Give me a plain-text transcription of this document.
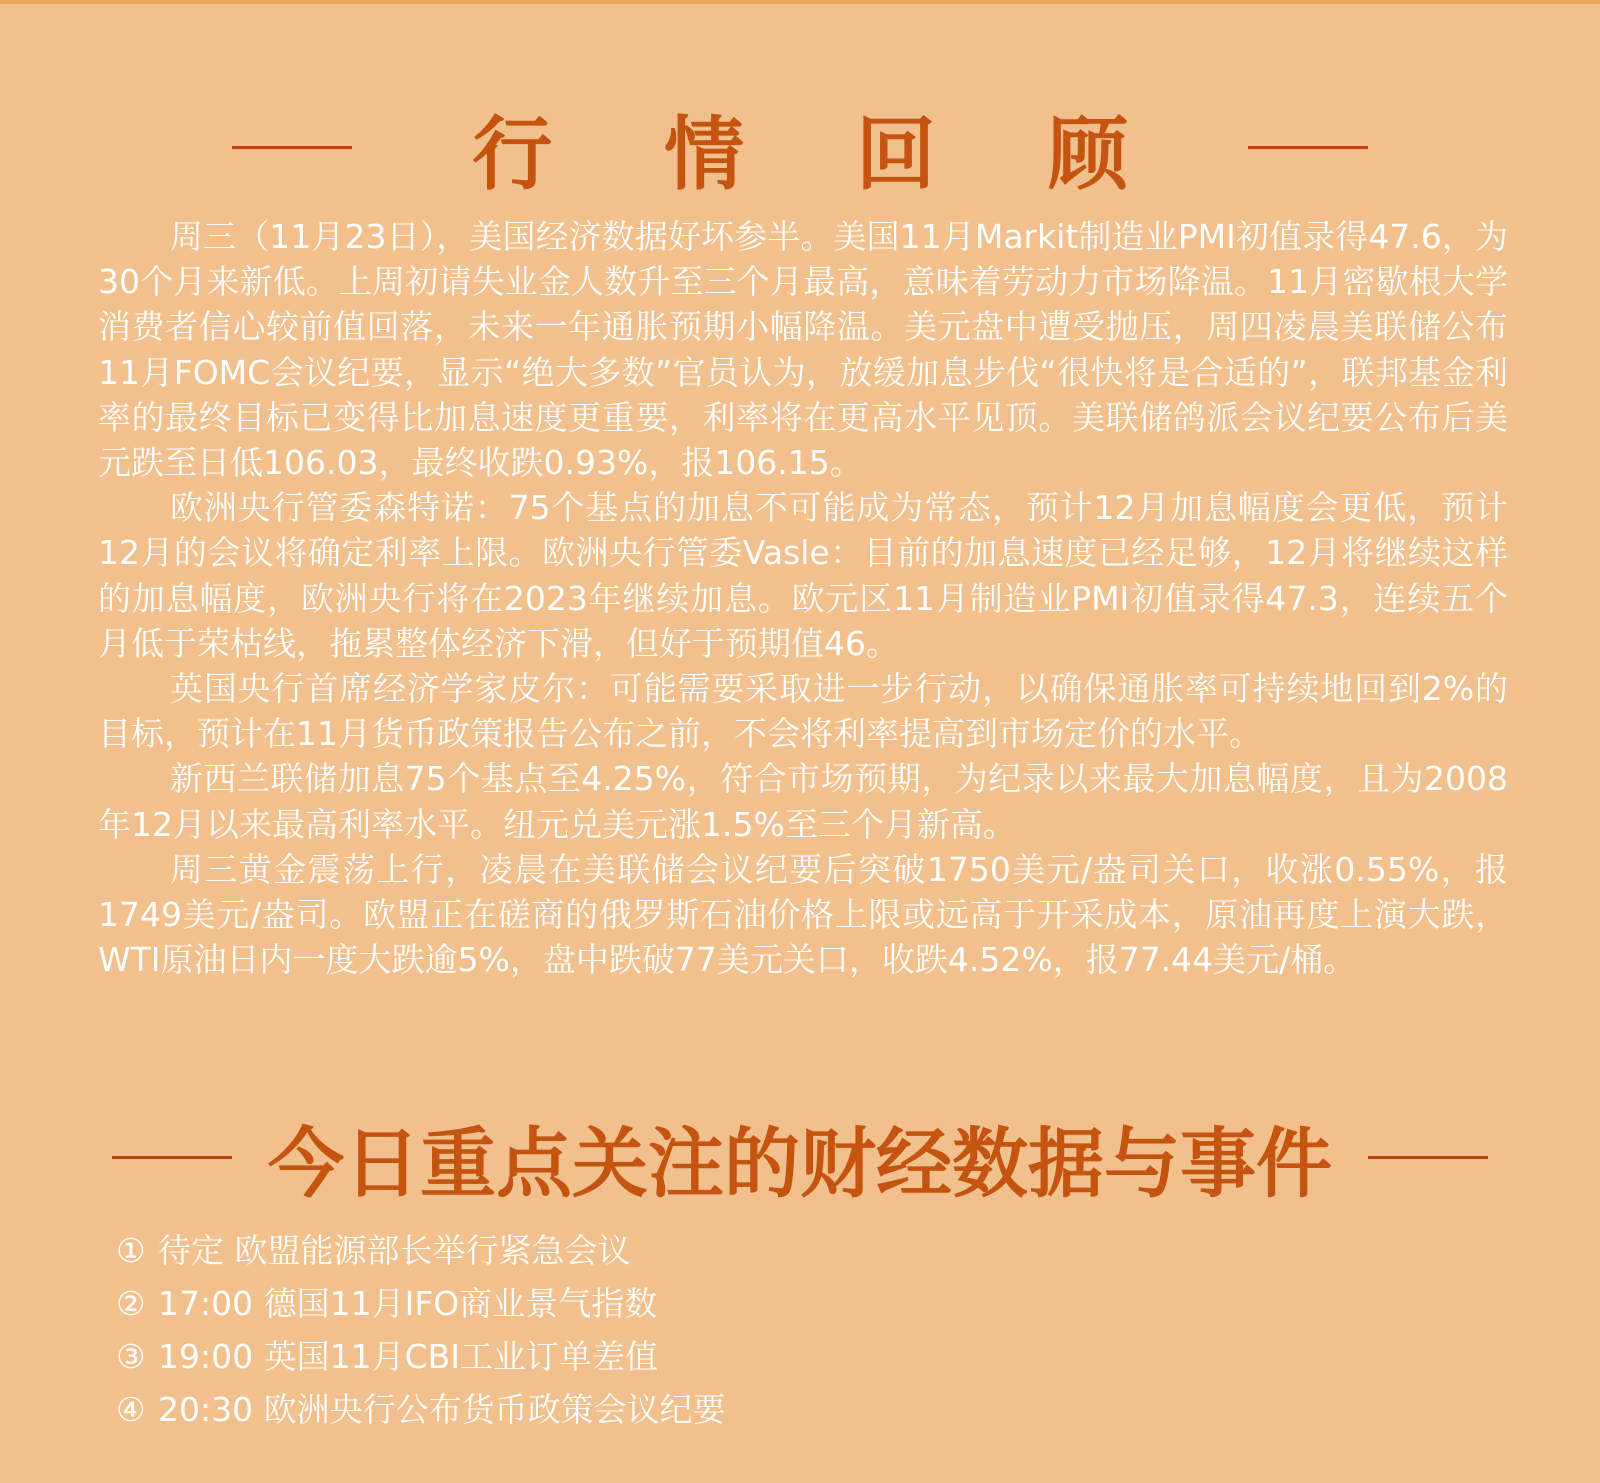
行 情 回 顾

周三（11月23日），美国经济数据好坏参半。美国11月Markit制造业PMI初值录得47.6，为30个月来新低。上周初请失业金人数升至三个月最高，意味着劳动力市场降温。11月密歇根大学消费者信心较前值回落，未来一年通胀预期小幅降温。美元盘中遭受抛压，周四凌晨美联储公布11月FOMC会议纪要，显示“绝大多数”官员认为，放缓加息步伐“很快将是合适的”，联邦基金利率的最终目标已变得比加息速度更重要，利率将在更高水平见顶。美联储鸽派会议纪要公布后美元跌至日低106.03，最终收跌0.93%，报106.15。

欧洲央行管委森特诺：75个基点的加息不可能成为常态，预计12月加息幅度会更低，预计12月的会议将确定利率上限。欧洲央行管委Vasle：目前的加息速度已经足够，12月将继续这样的加息幅度，欧洲央行将在2023年继续加息。欧元区11月制造业PMI初值录得47.3，连续五个月低于荣枯线，拖累整体经济下滑，但好于预期值46。

英国央行首席经济学家皮尔：可能需要采取进一步行动，以确保通胀率可持续地回到2%的目标，预计在11月货币政策报告公布之前，不会将利率提高到市场定价的水平。

新西兰联储加息75个基点至4.25%，符合市场预期，为纪录以来最大加息幅度，且为2008年12月以来最高利率水平。纽元兑美元涨1.5%至三个月新高。

周三黄金震荡上行，凌晨在美联储会议纪要后突破1750美元/盎司关口，收涨0.55%，报1749美元/盎司。欧盟正在磋商的俄罗斯石油价格上限或远高于开采成本，原油再度上演大跌，WTI原油日内一度大跌逾5%，盘中跌破77美元关口，收跌4.52%，报77.44美元/桶。

今日重点关注的财经数据与事件
① 待定 欧盟能源部长举行紧急会议
② 17:00 德国11月IFO商业景气指数
③ 19:00 英国11月CBI工业订单差值
④ 20:30 欧洲央行公布货币政策会议纪要
